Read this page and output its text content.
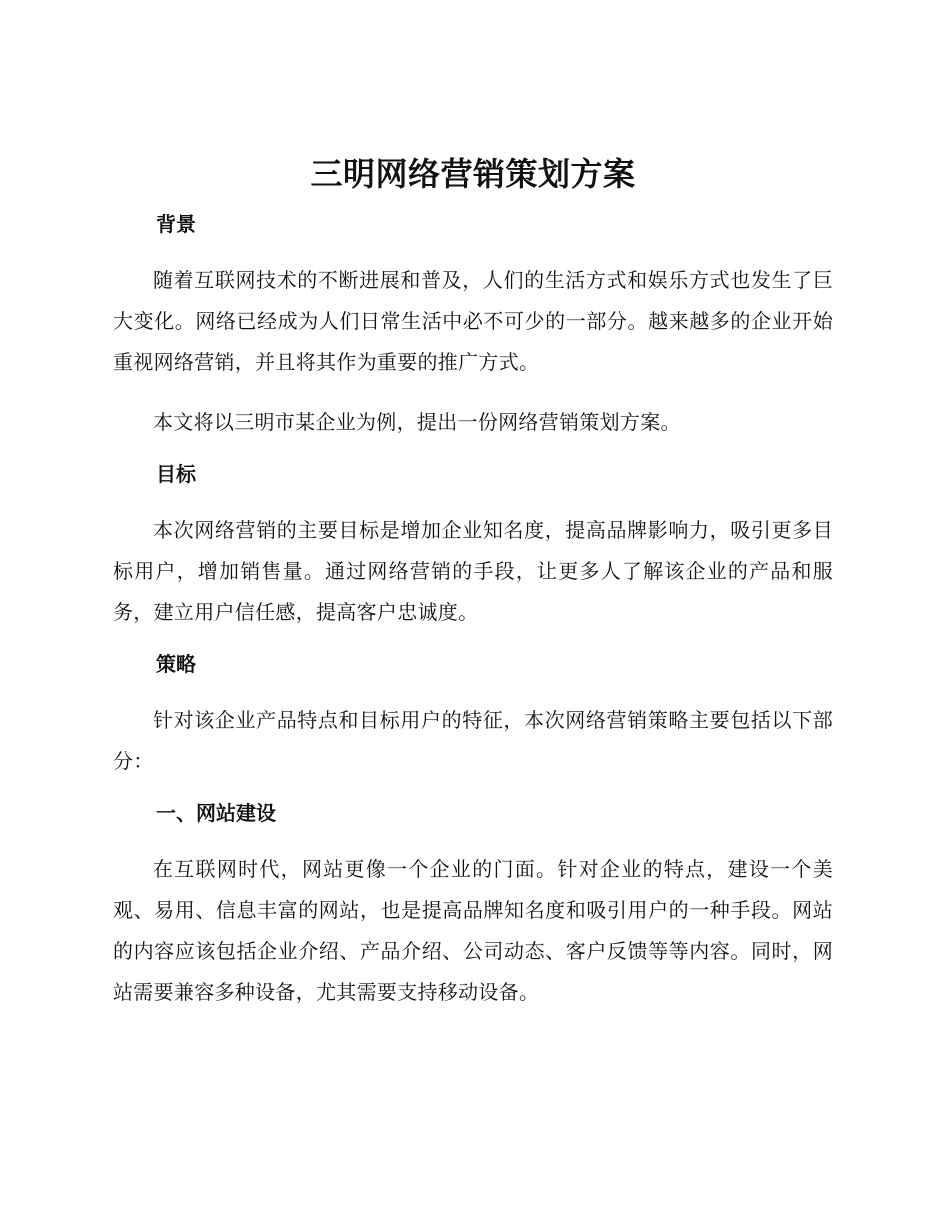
三明网络营销策划方案
背景

随着互联网技术的不断进展和普及，人们的生活方式和娱乐方式也发生了巨大变化。网络已经成为人们日常生活中必不可少的一部分。越来越多的企业开始重视网络营销，并且将其作为重要的推广方式。

本文将以三明市某企业为例，提出一份网络营销策划方案。

目标

本次网络营销的主要目标是增加企业知名度，提高品牌影响力，吸引更多目标用户，增加销售量。通过网络营销的手段，让更多人了解该企业的产品和服务，建立用户信任感，提高客户忠诚度。

策略

针对该企业产品特点和目标用户的特征，本次网络营销策略主要包括以下部分：

一、网站建设

在互联网时代，网站更像一个企业的门面。针对企业的特点，建设一个美观、易用、信息丰富的网站，也是提高品牌知名度和吸引用户的一种手段。网站的内容应该包括企业介绍、产品介绍、公司动态、客户反馈等等内容。同时，网站需要兼容多种设备，尤其需要支持移动设备。
